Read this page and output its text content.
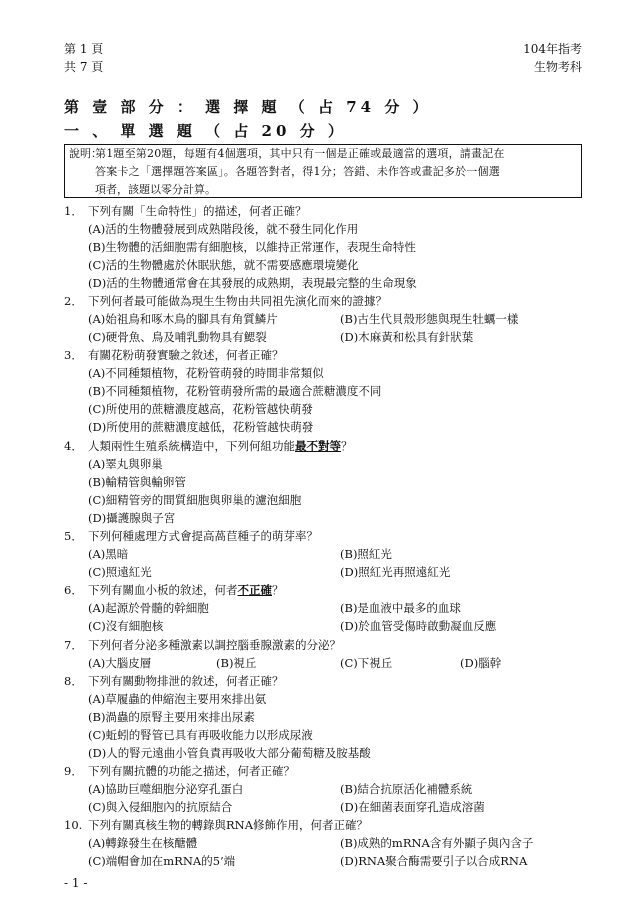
第 1 頁
共 7 頁
104年指考
生物考科
第 壹 部 分 ： 選 擇 題 （ 占 74 分 ）
一 、 單 選 題 （ 占 20 分 ）
說明：
第1題至第20題，每題有4個選項，其中只有一個是正確或最適當的選項，請畫記在
答案卡之「選擇題答案區」。各題答對者，得1分；答錯、未作答或畫記多於一個選
項者，該題以零分計算。
1． 下列有關「生命特性」的描述，何者正確？
(A)活的生物體發展到成熟階段後，就不發生同化作用
(B)生物體的活細胞需有細胞核，以維持正常運作，表現生命特性
(C)活的生物體處於休眠狀態，就不需要感應環境變化
(D)活的生物體通常會在其發展的成熟期，表現最完整的生命現象
2． 下列何者最可能做為現生生物由共同祖先演化而來的證據？
(A)始祖鳥和啄木鳥的腳具有角質鱗片	(B)古生代貝殼形態與現生牡蠣一樣
(C)硬骨魚、鳥及哺乳動物具有鰓裂	(D)木麻黃和松具有針狀葉
3． 有關花粉萌發實驗之敘述，何者正確？
(A)不同種類植物，花粉管萌發的時間非常類似
(B)不同種類植物，花粉管萌發所需的最適合蔗糖濃度不同
(C)所使用的蔗糖濃度越高，花粉管越快萌發
(D)所使用的蔗糖濃度越低，花粉管越快萌發
4． 人類兩性生殖系統構造中，下列何組功能最不對等？
(A)睪丸與卵巢
(B)輸精管與輸卵管
(C)細精管旁的間質細胞與卵巢的濾泡細胞
(D)攝護腺與子宮
5． 下列何種處理方式會提高萵苣種子的萌芽率？
(A)黑暗	(B)照紅光
(C)照遠紅光	(D)照紅光再照遠紅光
6． 下列有關血小板的敘述，何者不正確？
(A)起源於骨髓的幹細胞	(B)是血液中最多的血球
(C)沒有細胞核	(D)於血管受傷時啟動凝血反應
7． 下列何者分泌多種激素以調控腦垂腺激素的分泌？
(A)大腦皮層	(B)視丘	(C)下視丘	(D)腦幹
8． 下列有關動物排泄的敘述，何者正確？
(A)草履蟲的伸縮泡主要用來排出氨
(B)渦蟲的原腎主要用來排出尿素
(C)蚯蚓的腎管已具有再吸收能力以形成尿液
(D)人的腎元遠曲小管負責再吸收大部分葡萄糖及胺基酸
9． 下列有關抗體的功能之描述，何者正確？
(A)協助巨噬細胞分泌穿孔蛋白	(B)結合抗原活化補體系統
(C)與入侵細胞內的抗原結合	(D)在細菌表面穿孔造成溶菌
10. 下列有關真核生物的轉錄與RNA修飾作用，何者正確？
(A)轉錄發生在核醣體	(B)成熟的mRNA含有外顯子與內含子
(C)端帽會加在mRNA的5’端	(D)RNA聚合酶需要引子以合成RNA
- 1 -
